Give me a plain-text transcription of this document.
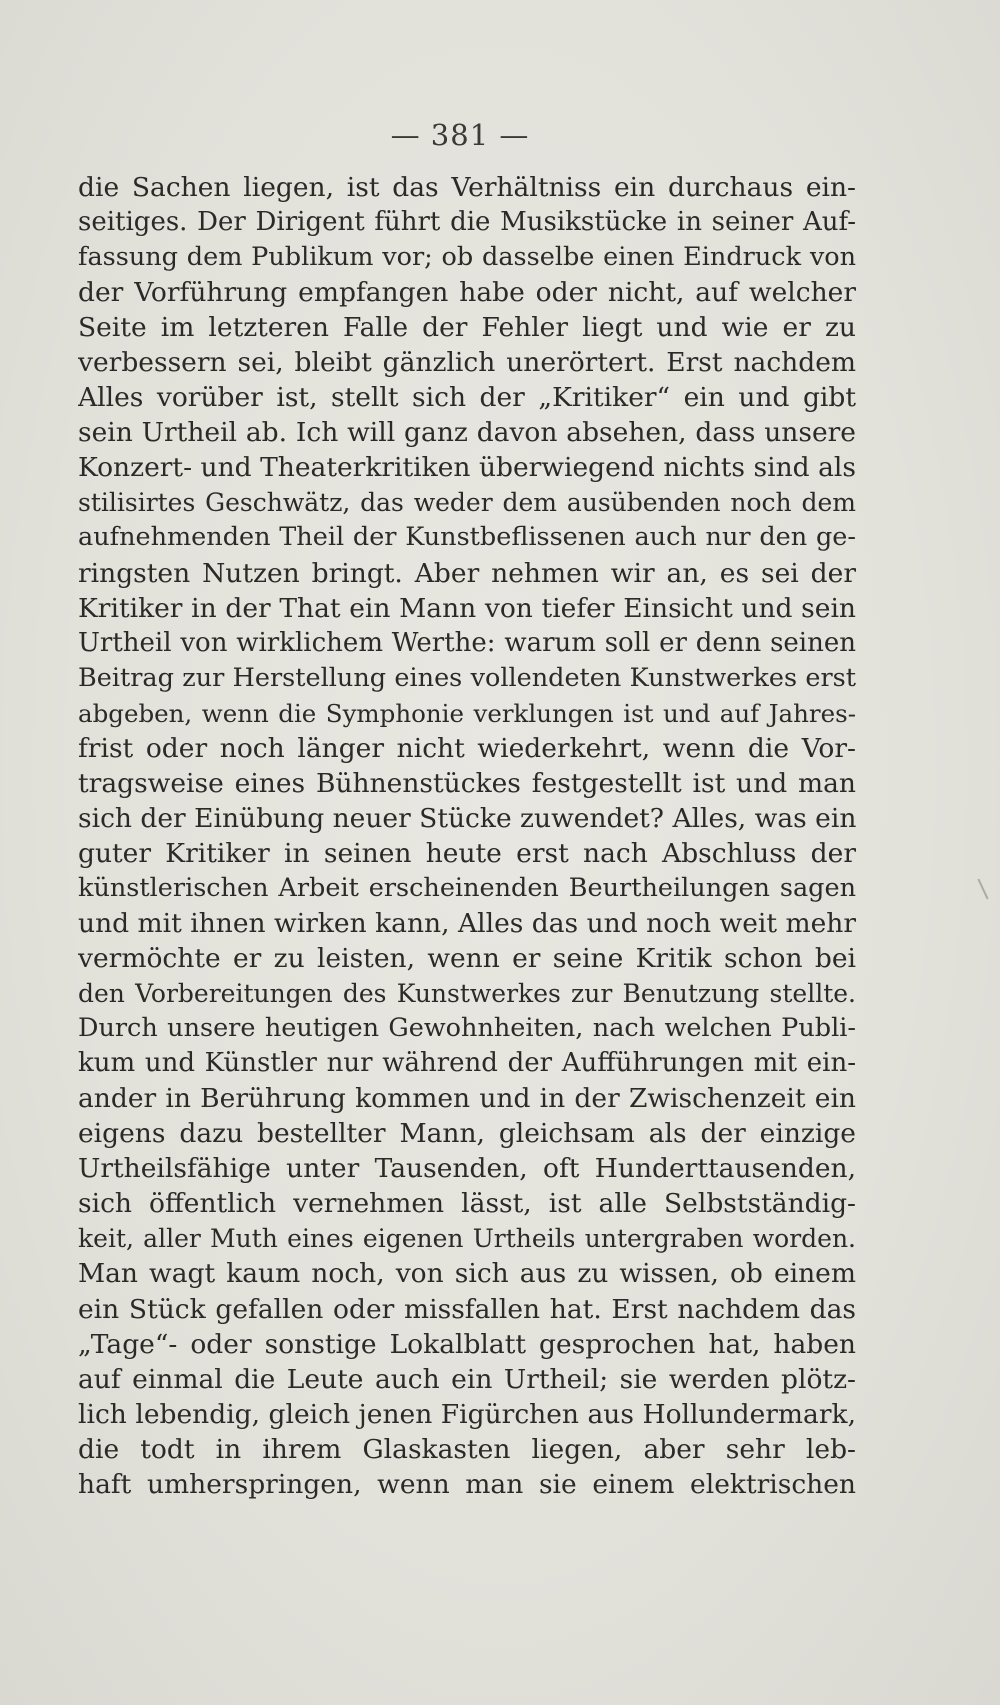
— 381 —
die Sachen liegen, ist das Verhältniss ein durchaus ein-
seitiges. Der Dirigent führt die Musikstücke in seiner Auf-
fassung dem Publikum vor; ob dasselbe einen Eindruck von
der Vorführung empfangen habe oder nicht, auf welcher
Seite im letzteren Falle der Fehler liegt und wie er zu
verbessern sei, bleibt gänzlich unerörtert. Erst nachdem
Alles vorüber ist, stellt sich der „Kritiker“ ein und gibt
sein Urtheil ab. Ich will ganz davon absehen, dass unsere
Konzert- und Theaterkritiken überwiegend nichts sind als
stilisirtes Geschwätz, das weder dem ausübenden noch dem
aufnehmenden Theil der Kunstbeflissenen auch nur den ge-
ringsten Nutzen bringt. Aber nehmen wir an, es sei der
Kritiker in der That ein Mann von tiefer Einsicht und sein
Urtheil von wirklichem Werthe: warum soll er denn seinen
Beitrag zur Herstellung eines vollendeten Kunstwerkes erst
abgeben, wenn die Symphonie verklungen ist und auf Jahres-
frist oder noch länger nicht wiederkehrt, wenn die Vor-
tragsweise eines Bühnenstückes festgestellt ist und man
sich der Einübung neuer Stücke zuwendet? Alles, was ein
guter Kritiker in seinen heute erst nach Abschluss der
künstlerischen Arbeit erscheinenden Beurtheilungen sagen
und mit ihnen wirken kann, Alles das und noch weit mehr
vermöchte er zu leisten, wenn er seine Kritik schon bei
den Vorbereitungen des Kunstwerkes zur Benutzung stellte.
Durch unsere heutigen Gewohnheiten, nach welchen Publi-
kum und Künstler nur während der Aufführungen mit ein-
ander in Berührung kommen und in der Zwischenzeit ein
eigens dazu bestellter Mann, gleichsam als der einzige
Urtheilsfähige unter Tausenden, oft Hunderttausenden,
sich öffentlich vernehmen lässt, ist alle Selbstständig-
keit, aller Muth eines eigenen Urtheils untergraben worden.
Man wagt kaum noch, von sich aus zu wissen, ob einem
ein Stück gefallen oder missfallen hat. Erst nachdem das
„Tage“- oder sonstige Lokalblatt gesprochen hat, haben
auf einmal die Leute auch ein Urtheil; sie werden plötz-
lich lebendig, gleich jenen Figürchen aus Hollundermark,
die todt in ihrem Glaskasten liegen, aber sehr leb-
haft umherspringen, wenn man sie einem elektrischen
